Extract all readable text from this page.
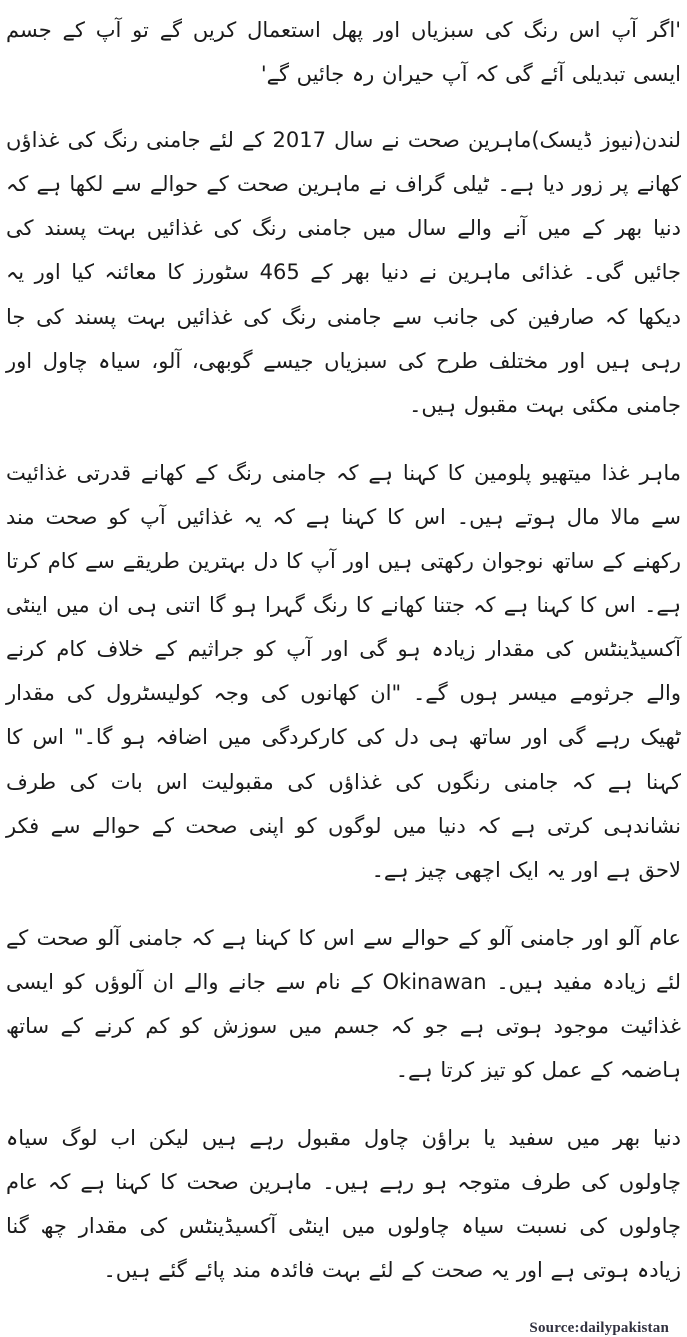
'اگر آپ اس رنگ کی سبزیاں اور پھل استعمال کریں گے تو آپ کے جسم ایسی تبدیلی آئے گی کہ آپ حیران رہ جائیں گے'

لندن(نیوز ڈیسک)ماہرین صحت نے سال 2017 کے لئے جامنی رنگ کی غذاؤں کھانے پر زور دیا ہے۔ ٹیلی گراف نے ماہرین صحت کے حوالے سے لکھا ہے کہ دنیا بھر کے میں آنے والے سال میں جامنی رنگ کی غذائیں بہت پسند کی جائیں گی۔ غذائی ماہرین نے دنیا بھر کے 465 سٹورز کا معائنہ کیا اور یہ دیکھا کہ صارفین کی جانب سے جامنی رنگ کی غذائیں بہت پسند کی جا رہی ہیں اور مختلف طرح کی سبزیاں جیسے گوبھی، آلو، سیاہ چاول اور جامنی مکئی بہت مقبول ہیں۔

ماہر غذا میتھیو پلومین کا کہنا ہے کہ جامنی رنگ کے کھانے قدرتی غذائیت سے مالا مال ہوتے ہیں۔ اس کا کہنا ہے کہ یہ غذائیں آپ کو صحت مند رکھنے کے ساتھ نوجوان رکھتی ہیں اور آپ کا دل بہترین طریقے سے کام کرتا ہے۔ اس کا کہنا ہے کہ جتنا کھانے کا رنگ گہرا ہو گا اتنی ہی ان میں اینٹی آکسیڈینٹس کی مقدار زیادہ ہو گی اور آپ کو جراثیم کے خلاف کام کرنے والے جرثومے میسر ہوں گے۔ "ان کھانوں کی وجہ کولیسٹرول کی مقدار ٹھیک رہے گی اور ساتھ ہی دل کی کارکردگی میں اضافہ ہو گا۔" اس کا کہنا ہے کہ جامنی رنگوں کی غذاؤں کی مقبولیت اس بات کی طرف نشاندہی کرتی ہے کہ دنیا میں لوگوں کو اپنی صحت کے حوالے سے فکر لاحق ہے اور یہ ایک اچھی چیز ہے۔

عام آلو اور جامنی آلو کے حوالے سے اس کا کہنا ہے کہ جامنی آلو صحت کے لئے زیادہ مفید ہیں۔ Okinawan کے نام سے جانے والے ان آلوؤں کو ایسی غذائیت موجود ہوتی ہے جو کہ جسم میں سوزش کو کم کرنے کے ساتھ ہاضمہ کے عمل کو تیز کرتا ہے۔

دنیا بھر میں سفید یا براؤن چاول مقبول رہے ہیں لیکن اب لوگ سیاہ چاولوں کی طرف متوجہ ہو رہے ہیں۔ ماہرین صحت کا کہنا ہے کہ عام چاولوں کی نسبت سیاہ چاولوں میں اینٹی آکسیڈینٹس کی مقدار چھ گنا زیادہ ہوتی ہے اور یہ صحت کے لئے بہت فائدہ مند پائے گئے ہیں۔

Source:dailypakistan
